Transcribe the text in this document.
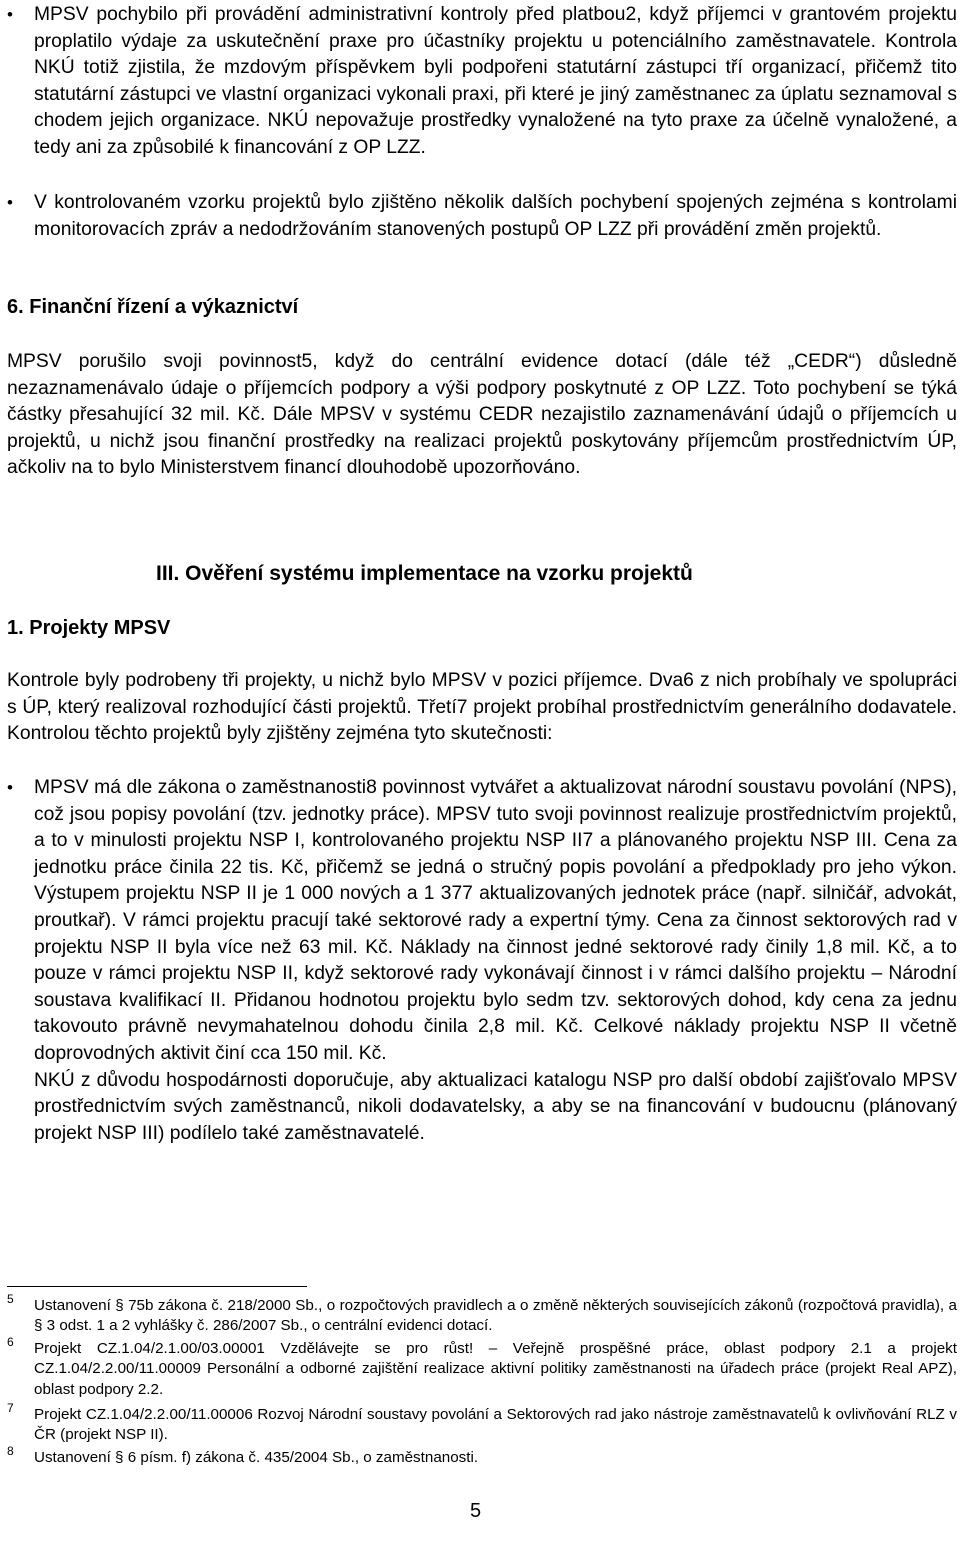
•	MPSV pochybilo při provádění administrativní kontroly před platbou2, když příjemci v grantovém projektu proplatilo výdaje za uskutečnění praxe pro účastníky projektu u potenciálního zaměstnavatele. Kontrola NKÚ totiž zjistila, že mzdovým příspěvkem byli podpořeni statutární zástupci tří organizací, přičemž tito statutární zástupci ve vlastní organizaci vykonali praxi, při které je jiný zaměstnanec za úplatu seznamoval s chodem jejich organizace. NKÚ nepovažuje prostředky vynaložené na tyto praxe za účelně vynaložené, a tedy ani za způsobilé k financování z OP LZZ.

•	V kontrolovaném vzorku projektů bylo zjištěno několik dalších pochybení spojených zejména s kontrolami monitorovacích zpráv a nedodržováním stanovených postupů OP LZZ při provádění změn projektů.

6. Finanční řízení a výkaznictví

MPSV porušilo svoji povinnost5, když do centrální evidence dotací (dále též „CEDR“) důsledně nezaznamenávalo údaje o příjemcích podpory a výši podpory poskytnuté z OP LZZ. Toto pochybení se týká částky přesahující 32 mil. Kč. Dále MPSV v systému CEDR nezajistilo zaznamenávání údajů o příjemcích u projektů, u nichž jsou finanční prostředky na realizaci projektů poskytovány příjemcům prostřednictvím ÚP, ačkoliv na to bylo Ministerstvem financí dlouhodobě upozorňováno.

III. Ověření systému implementace na vzorku projektů
1. Projekty MPSV

Kontrole byly podrobeny tři projekty, u nichž bylo MPSV v pozici příjemce. Dva6 z nich probíhaly ve spolupráci s ÚP, který realizoval rozhodující části projektů. Třetí7 projekt probíhal prostřednictvím generálního dodavatele. Kontrolou těchto projektů byly zjištěny zejména tyto skutečnosti:

•	MPSV má dle zákona o zaměstnanosti8 povinnost vytvářet a aktualizovat národní soustavu povolání (NPS), což jsou popisy povolání (tzv. jednotky práce). MPSV tuto svoji povinnost realizuje prostřednictvím projektů, a to v minulosti projektu NSP I, kontrolovaného projektu NSP II7 a plánovaného projektu NSP III. Cena za jednotku práce činila 22 tis. Kč, přičemž se jedná o stručný popis povolání a předpoklady pro jeho výkon. Výstupem projektu NSP II je 1 000 nových a 1 377 aktualizovaných jednotek práce (např. silničář, advokát, proutkař). V rámci projektu pracují také sektorové rady a expertní týmy. Cena za činnost sektorových rad v projektu NSP II byla více než 63 mil. Kč. Náklady na činnost jedné sektorové rady činily 1,8 mil. Kč, a to pouze v rámci projektu NSP II, když sektorové rady vykonávají činnost i v rámci dalšího projektu – Národní soustava kvalifikací II. Přidanou hodnotou projektu bylo sedm tzv. sektorových dohod, kdy cena za jednu takovouto právně nevymahatelnou dohodu činila 2,8 mil. Kč. Celkové náklady projektu NSP II včetně doprovodných aktivit činí cca 150 mil. Kč.

NKÚ z důvodu hospodárnosti doporučuje, aby aktualizaci katalogu NSP pro další období zajišťovalo MPSV prostřednictvím svých zaměstnanců, nikoli dodavatelsky, a aby se na financování v budoucnu (plánovaný projekt NSP III) podílelo také zaměstnavatelé.

5 Ustanovení § 75b zákona č. 218/2000 Sb., o rozpočtových pravidlech a o změně některých souvisejících zákonů (rozpočtová pravidla), a § 3 odst. 1 a 2 vyhlášky č. 286/2007 Sb., o centrální evidenci dotací.

6 Projekt CZ.1.04/2.1.00/03.00001 Vzdělávejte se pro růst! – Veřejně prospěšné práce, oblast podpory 2.1 a projekt CZ.1.04/2.2.00/11.00009 Personální a odborné zajištění realizace aktivní politiky zaměstnanosti na úřadech práce (projekt Real APZ), oblast podpory 2.2.

7 Projekt CZ.1.04/2.2.00/11.00006 Rozvoj Národní soustavy povolání a Sektorových rad jako nástroje zaměstnavatelů k ovlivňování RLZ v ČR (projekt NSP II).

8 Ustanovení § 6 písm. f) zákona č. 435/2004 Sb., o zaměstnanosti.

5
